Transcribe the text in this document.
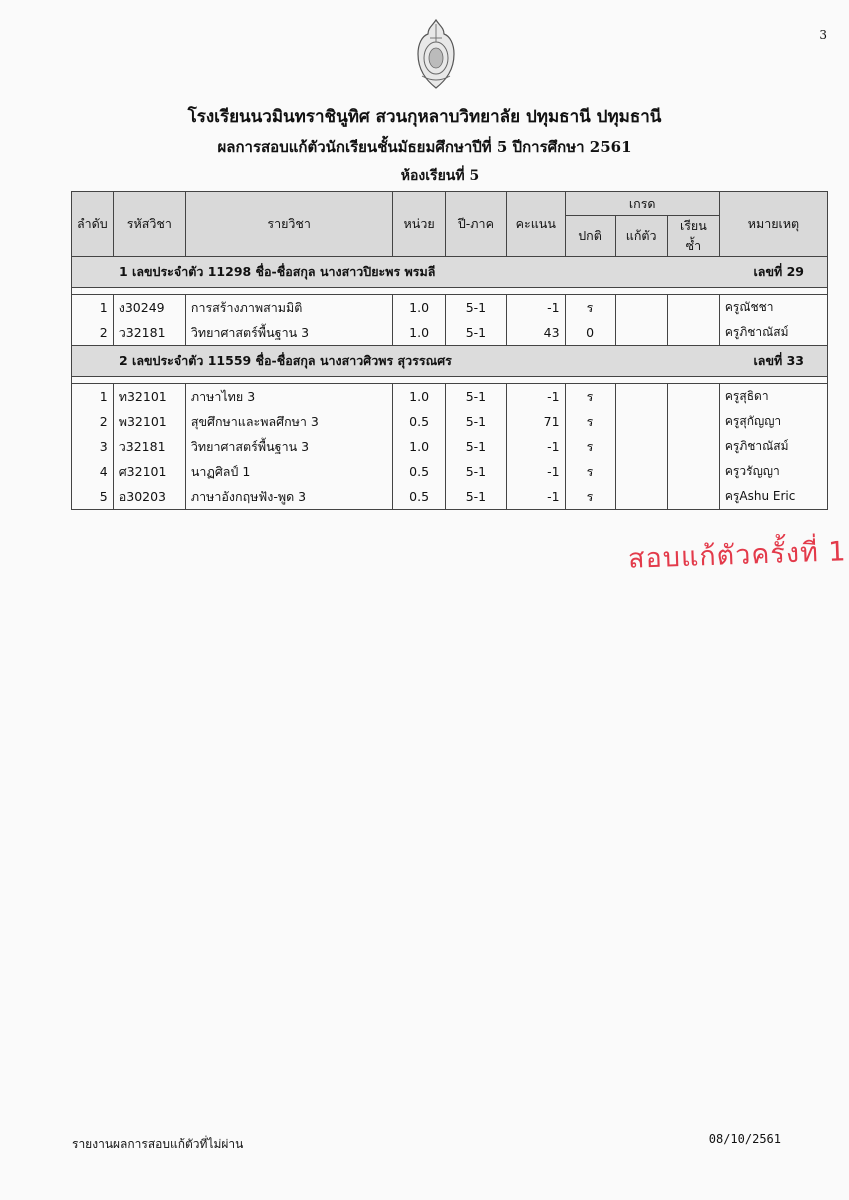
3
โรงเรียนนวมินทราชินูทิศ สวนกุหลาบวิทยาลัย ปทุมธานี ปทุมธานี
ผลการสอบแก้ตัวนักเรียนชั้นมัธยมศึกษาปีที่ 5 ปีการศึกษา 2561
ห้องเรียนที่ 5
ลำดับ	รหัสวิชา	รายวิชา	หน่วย	ปี-ภาค	คะแนน	เกรด			หมายเหตุ
						ปกติ	แก้ตัว	เรียนซ้ำ	

เลขที่ 29
1 เลขประจำตัว 11298 ชื่อ-ชื่อสกุล นางสาวปิยะพร พรมลี									

1	ง30249	การสร้างภาพสามมิติ	1.0	5-1	-1	ร			ครูณัชชา
2	ว32181	วิทยาศาสตร์พื้นฐาน 3	1.0	5-1	43	0			ครูภิชาณัสม์

เลขที่ 33
2 เลขประจำตัว 11559 ชื่อ-ชื่อสกุล นางสาวศิวพร สุวรรณศร									

1	ท32101	ภาษาไทย 3	1.0	5-1	-1	ร			ครูสุธิดา
2	พ32101	สุขศึกษาและพลศึกษา 3	0.5	5-1	71	ร			ครูสุกัญญา
3	ว32181	วิทยาศาสตร์พื้นฐาน 3	1.0	5-1	-1	ร			ครูภิชาณัสม์
4	ศ32101	นาฏศิลป์ 1	0.5	5-1	-1	ร			ครูวรัญญา
5	อ30203	ภาษาอังกฤษฟัง-พูด 3	0.5	5-1	-1	ร			ครูAshu Eric
สอบแก้ตัวครั้งที่ 1
รายงานผลการสอบแก้ตัวที่ไม่ผ่าน	08/10/2561
